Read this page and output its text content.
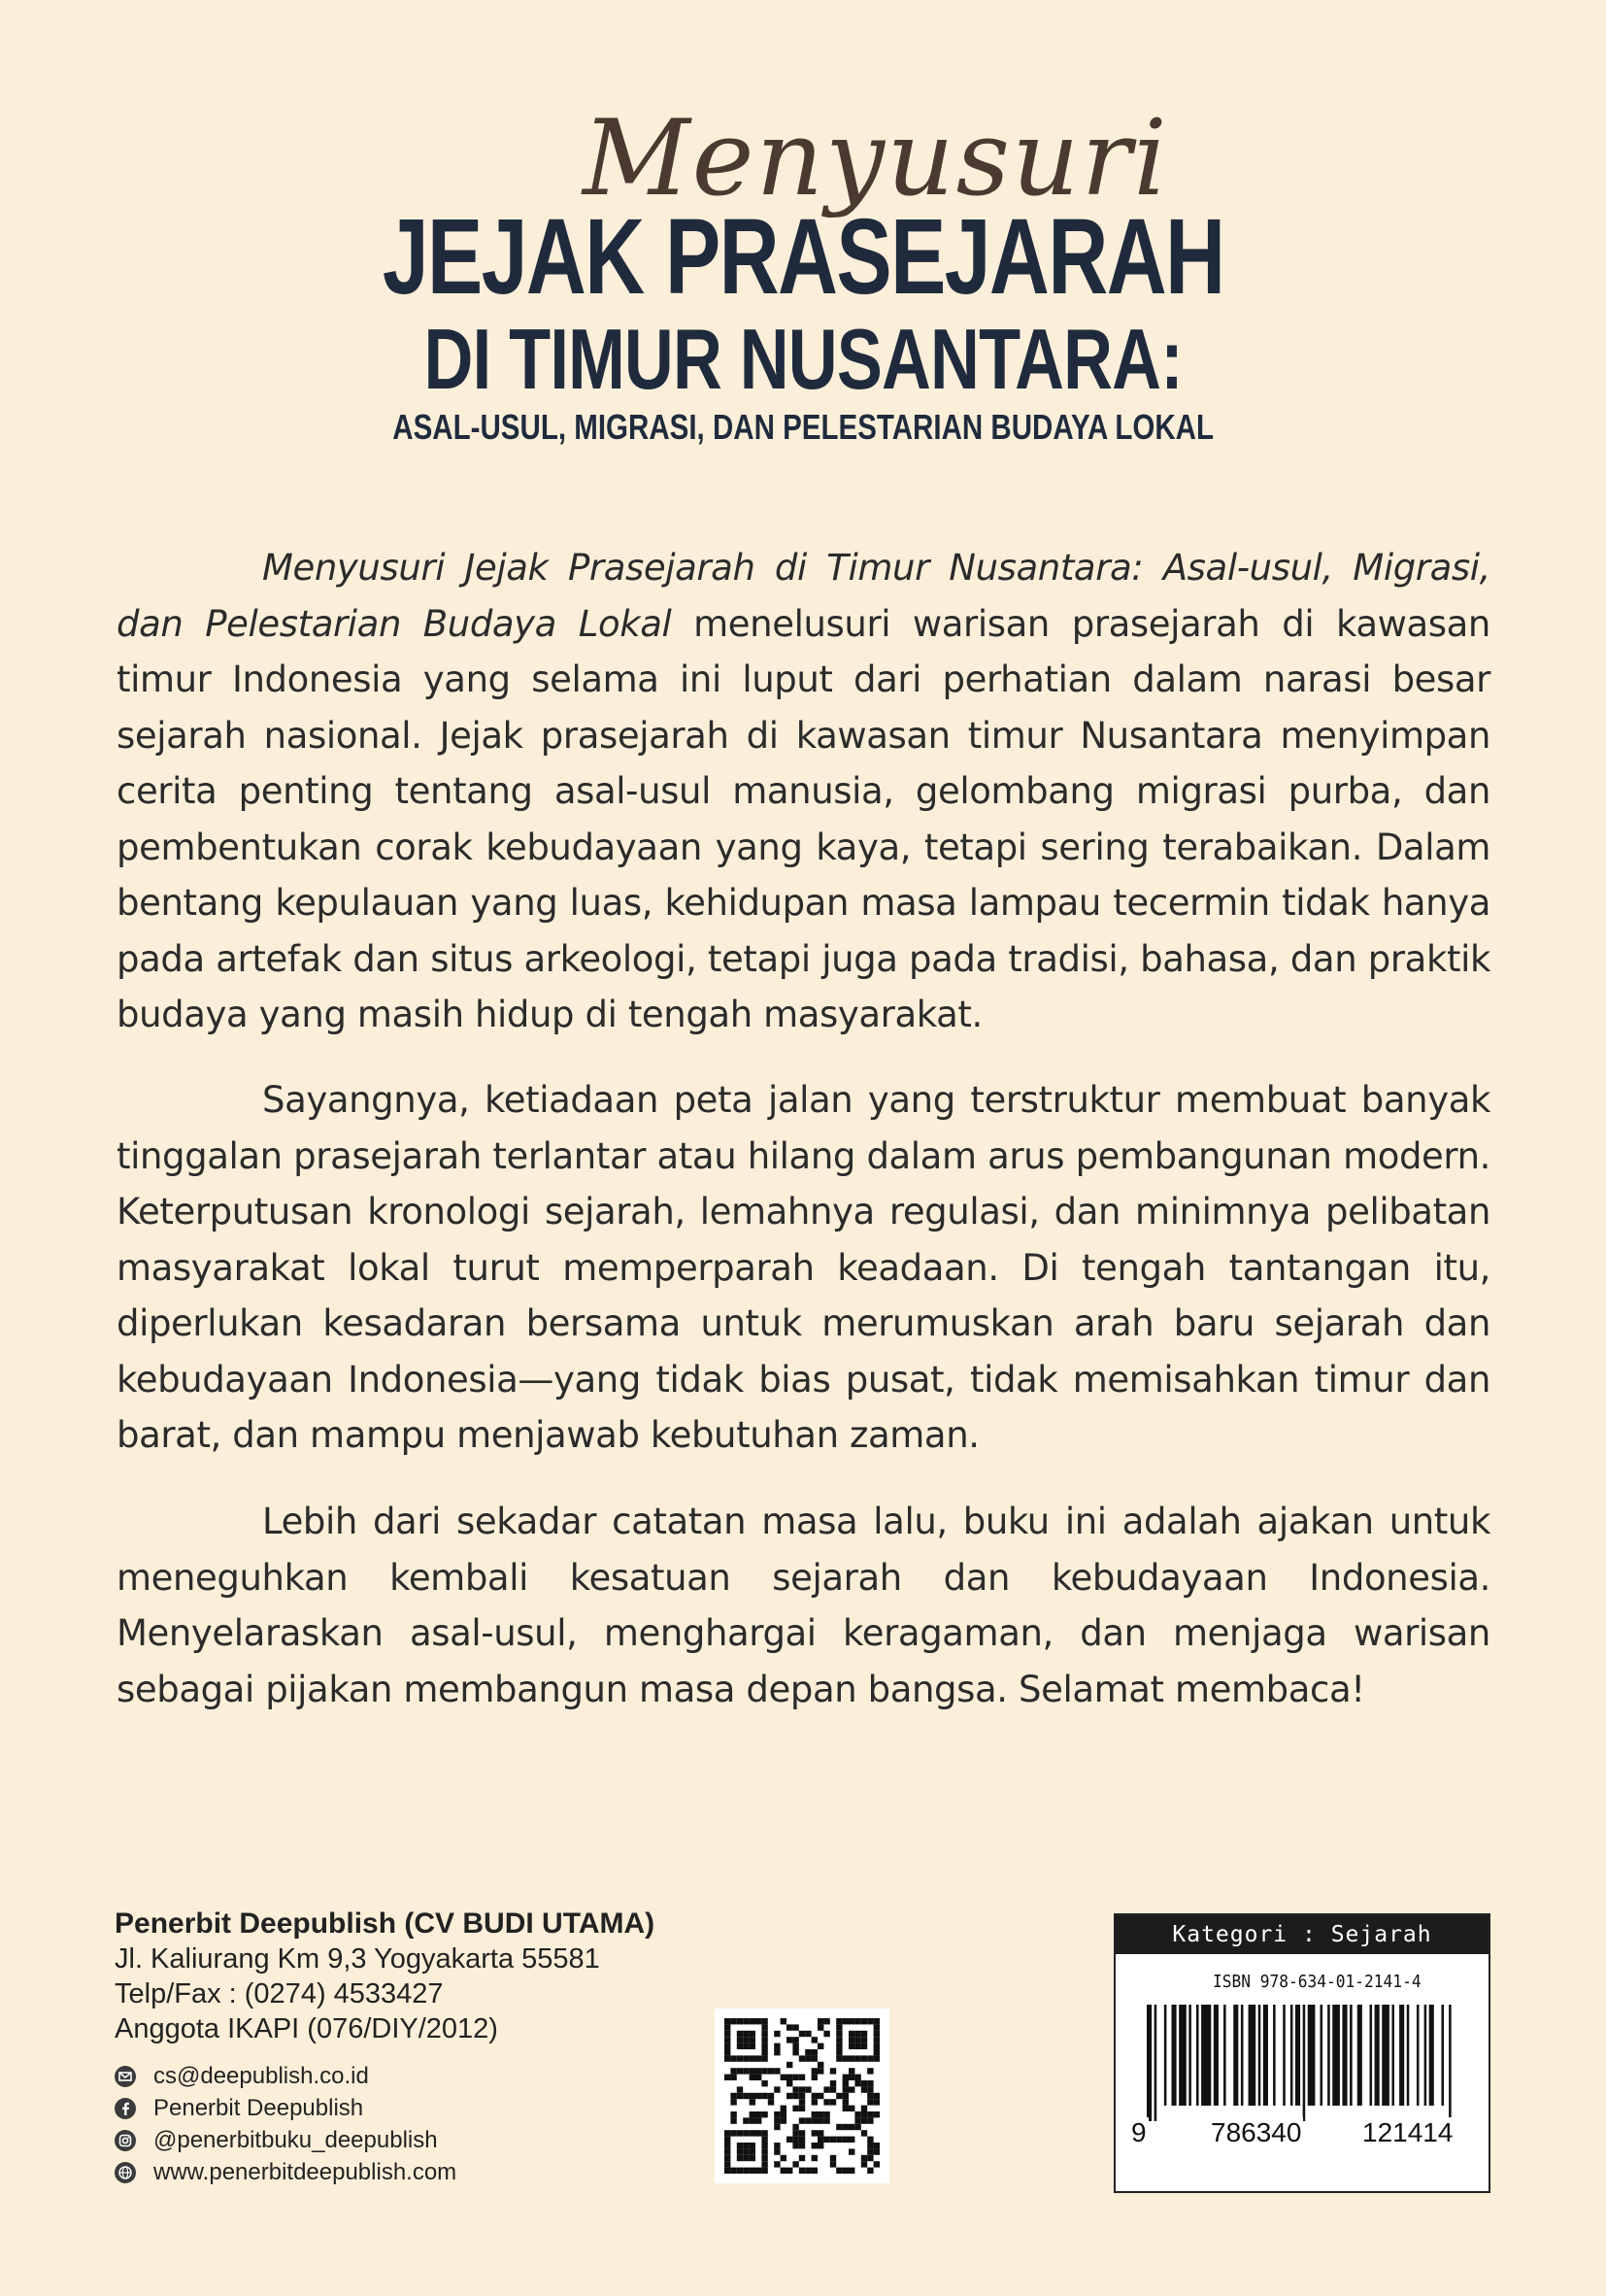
Menyusuri
JEJAK PRASEJARAH
DI TIMUR NUSANTARA:
ASAL-USUL, MIGRASI, DAN PELESTARIAN BUDAYA LOKAL

Menyusuri Jejak Prasejarah di Timur Nusantara: Asal-usul, Migrasi, dan Pelestarian Budaya Lokal menelusuri warisan prasejarah di kawasan timur Indonesia yang selama ini luput dari perhatian dalam narasi besar sejarah nasional. Jejak prasejarah di kawasan timur Nusantara menyimpan cerita penting tentang asal-usul manusia, gelombang migrasi purba, dan pembentukan corak kebudayaan yang kaya, tetapi sering terabaikan. Dalam bentang kepulauan yang luas, kehidupan masa lampau tecermin tidak hanya pada artefak dan situs arkeologi, tetapi juga pada tradisi, bahasa, dan praktik budaya yang masih hidup di tengah masyarakat.

Sayangnya, ketiadaan peta jalan yang terstruktur membuat banyak tinggalan prasejarah terlantar atau hilang dalam arus pembangunan modern. Keterputusan kronologi sejarah, lemahnya regulasi, dan minimnya pelibatan masyarakat lokal turut memperparah keadaan. Di tengah tantangan itu, diperlukan kesadaran bersama untuk merumuskan arah baru sejarah dan kebudayaan Indonesia—yang tidak bias pusat, tidak memisahkan timur dan barat, dan mampu menjawab kebutuhan zaman.

Lebih dari sekadar catatan masa lalu, buku ini adalah ajakan untuk meneguhkan kembali kesatuan sejarah dan kebudayaan Indonesia. Menyelaraskan asal-usul, menghargai keragaman, dan menjaga warisan sebagai pijakan membangun masa depan bangsa. Selamat membaca!

Penerbit Deepublish (CV BUDI UTAMA)

Jl. Kaliurang Km 9,3 Yogyakarta 55581

Telp/Fax : (0274) 4533427

Anggota IKAPI (076/DIY/2012)

cs@deepublish.co.id
Penerbit Deepublish
@penerbitbuku_deepublish
www.penerbitdeepublish.com
Kategori : Sejarah
ISBN 978-634-01-2141-4
9 786340 121414
